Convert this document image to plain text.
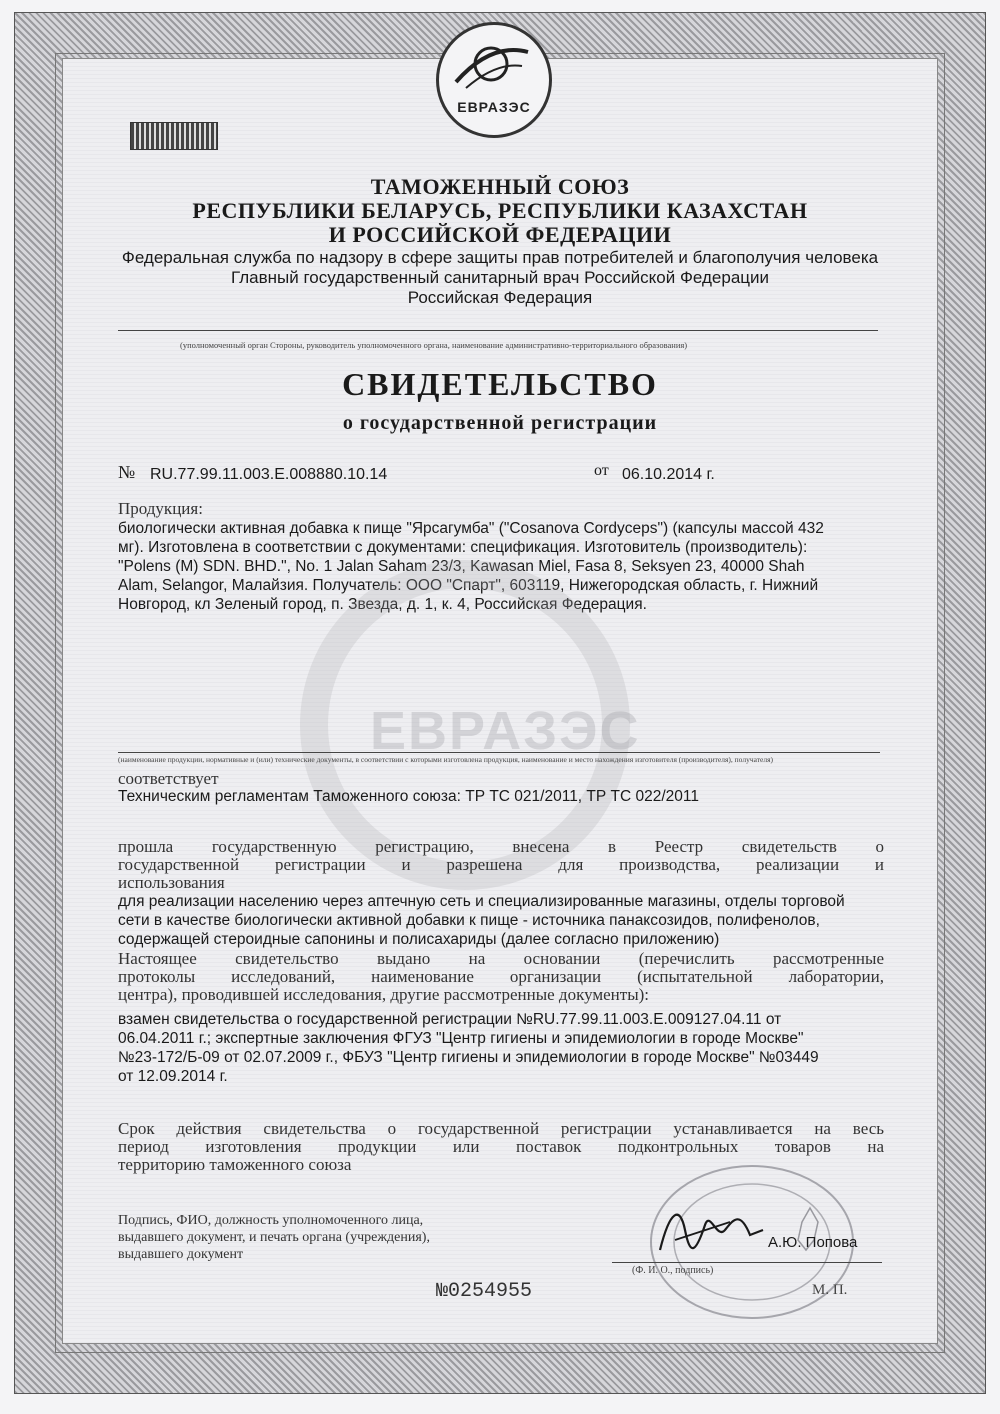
ЕВРАЗЭС
ТАМОЖЕННЫЙ СОЮЗ
РЕСПУБЛИКИ БЕЛАРУСЬ, РЕСПУБЛИКИ КАЗАХСТАН
И РОССИЙСКОЙ ФЕДЕРАЦИИ
Федеральная служба по надзору в сфере защиты прав потребителей и благополучия человека
Главный государственный санитарный врач Российской Федерации
Российская Федерация
(уполномоченный орган Стороны, руководитель уполномоченного органа, наименование административно-территориального образования)
СВИДЕТЕЛЬСТВО
о государственной регистрации
№ RU.77.99.11.003.E.008880.10.14	от 06.10.2014 г.
Продукция:
биологически активная добавка к пище "Ярсагумба" ("Cosanova Cordyceps") (капсулы массой 432
мг). Изготовлена в соответствии с документами: спецификация. Изготовитель (производитель):
"Polens (M) SDN. BHD.", No. 1 Jalan Saham 23/3, Kawasan Miel, Fasa 8, Seksyen 23, 40000 Shah
Alam, Selangor, Малайзия. Получатель: ООО "Спарт", 603119, Нижегородская область, г. Нижний
Новгород, кл Зеленый город, п. Звезда, д. 1, к. 4, Российская Федерация.
ЕВРАЗЭС
(наименование продукции, нормативные и (или) технические документы, в соответствии с которыми изготовлена продукция, наименование и место нахождения изготовителя (производителя), получателя)
соответствует
Техническим регламентам Таможенного союза: ТР ТС 021/2011, ТР ТС 022/2011
прошла государственную регистрацию, внесена в Реестр свидетельств о
государственной регистрации и разрешена для производства, реализации и
использования
для реализации населению через аптечную сеть и специализированные магазины, отделы торговой
сети в качестве биологически активной добавки к пище - источника панаксозидов, полифенолов,
содержащей стероидные сапонины и полисахариды (далее согласно приложению)
Настоящее свидетельство выдано на основании (перечислить рассмотренные
протоколы исследований, наименование организации (испытательной лаборатории,
центра), проводившей исследования, другие рассмотренные документы):
взамен свидетельства о государственной регистрации №RU.77.99.11.003.Е.009127.04.11 от
06.04.2011 г.; экспертные заключения ФГУЗ "Центр гигиены и эпидемиологии в городе Москве"
№23-172/Б-09 от 02.07.2009 г., ФБУЗ "Центр гигиены и эпидемиологии в городе Москве" №03449
от 12.09.2014 г.
Срок действия свидетельства о государственной регистрации устанавливается на весь
период изготовления продукции или поставок подконтрольных товаров на
территорию таможенного союза
Подпись, ФИО, должность уполномоченного лица,
выдавшего документ, и печать органа (учреждения),
выдавшего документ
А.Ю. Попова
(Ф. И. О., подпись)
№0254955	М. П.
